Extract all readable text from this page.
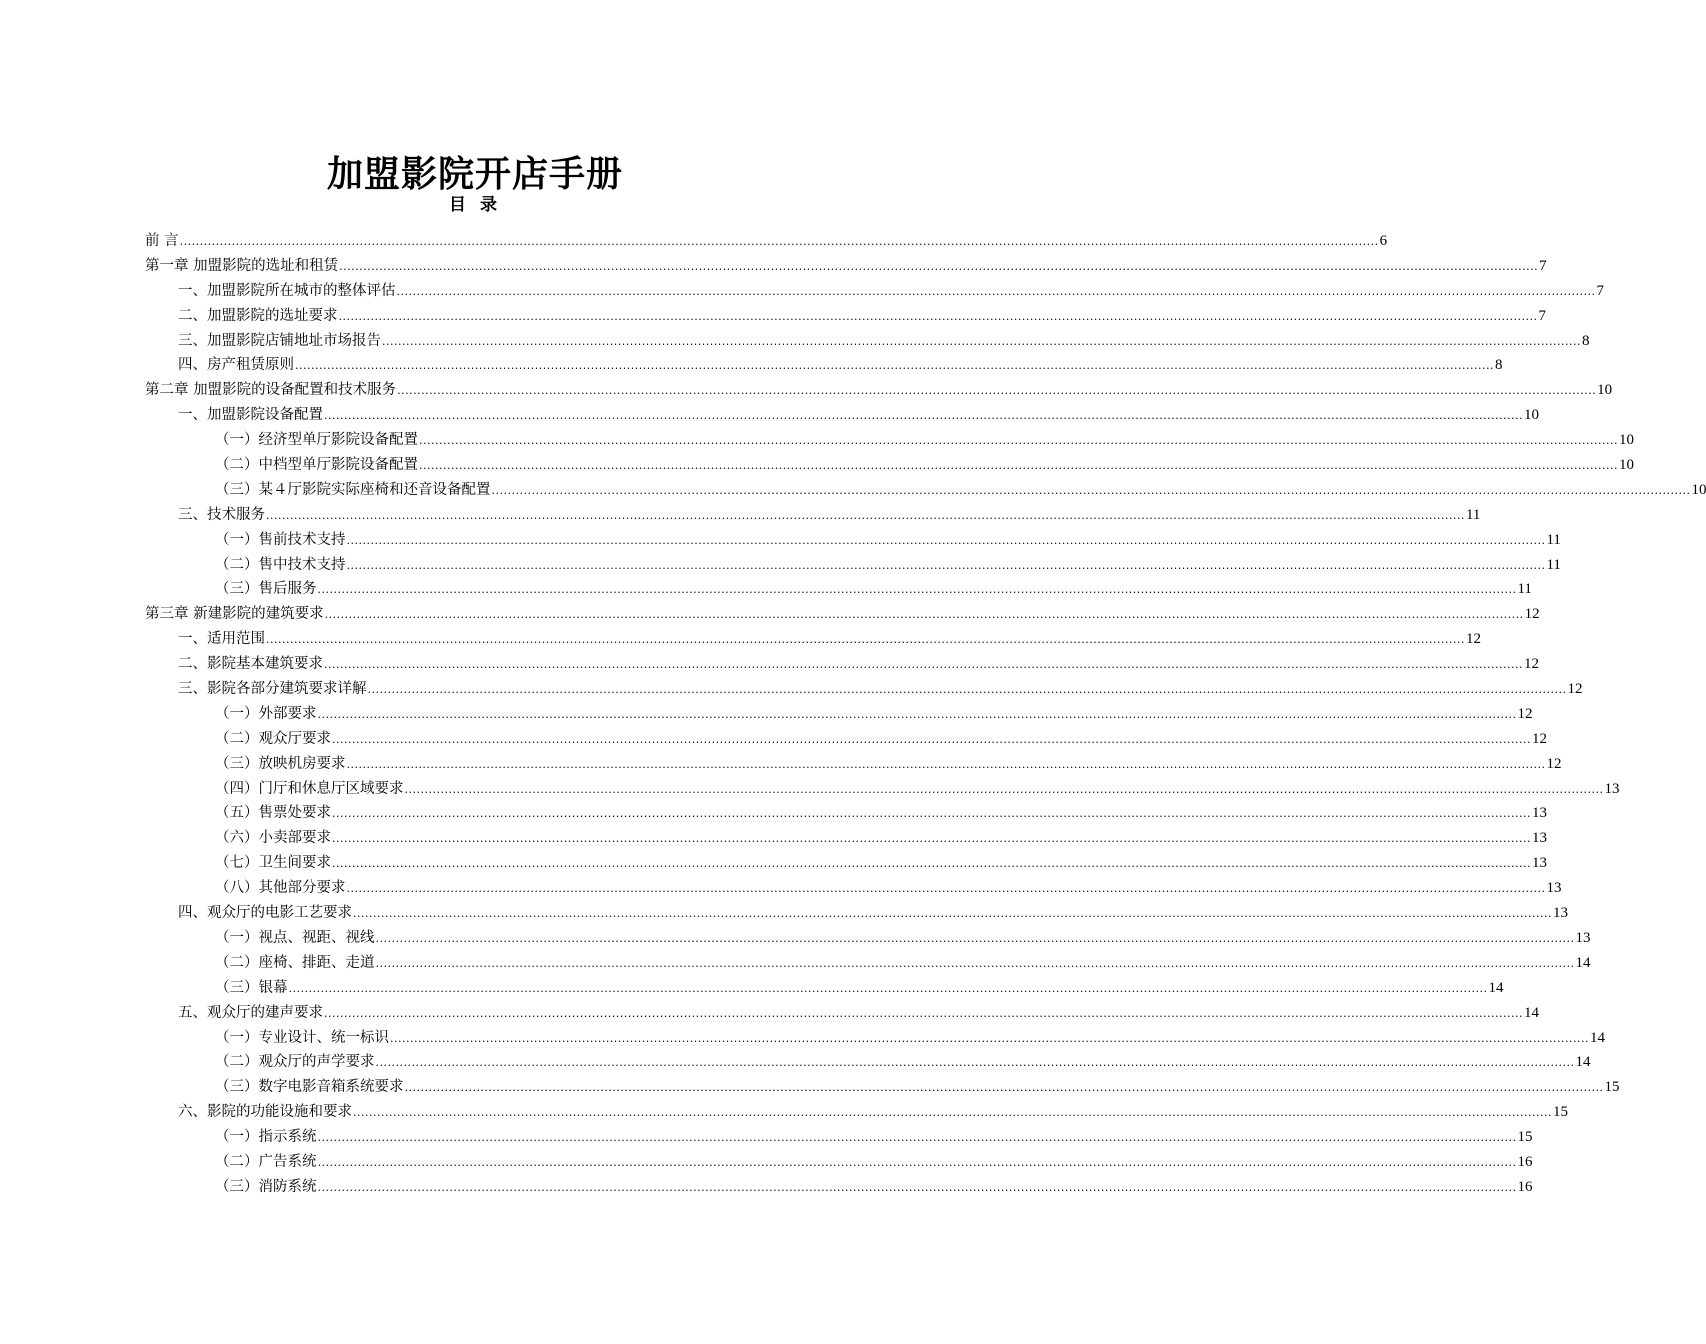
加盟影院开店手册
目 录
前 言 ............................................................................................................................................................................................................................................................................................................ 6
第一章 加盟影院的选址和租赁 ............................................................................................................................................................................................................................................................................................................ 7
一、加盟影院所在城市的整体评估 ............................................................................................................................................................................................................................................................................................................ 7
二、加盟影院的选址要求 ............................................................................................................................................................................................................................................................................................................ 7
三、加盟影院店铺地址市场报告 ............................................................................................................................................................................................................................................................................................................ 8
四、房产租赁原则 ............................................................................................................................................................................................................................................................................................................ 8
第二章 加盟影院的设备配置和技术服务 ............................................................................................................................................................................................................................................................................................................ 10
一、加盟影院设备配置 ............................................................................................................................................................................................................................................................................................................ 10
（一）经济型单厅影院设备配置 ............................................................................................................................................................................................................................................................................................................ 10
（二）中档型单厅影院设备配置 ............................................................................................................................................................................................................................................................................................................ 10
（三）某４厅影院实际座椅和还音设备配置 ............................................................................................................................................................................................................................................................................................................ 10
三、技术服务 ............................................................................................................................................................................................................................................................................................................ 11
（一）售前技术支持 ............................................................................................................................................................................................................................................................................................................ 11
（二）售中技术支持 ............................................................................................................................................................................................................................................................................................................ 11
（三）售后服务 ............................................................................................................................................................................................................................................................................................................ 11
第三章 新建影院的建筑要求 ............................................................................................................................................................................................................................................................................................................ 12
一、适用范围 ............................................................................................................................................................................................................................................................................................................ 12
二、影院基本建筑要求 ............................................................................................................................................................................................................................................................................................................ 12
三、影院各部分建筑要求详解 ............................................................................................................................................................................................................................................................................................................ 12
（一）外部要求 ............................................................................................................................................................................................................................................................................................................ 12
（二）观众厅要求 ............................................................................................................................................................................................................................................................................................................ 12
（三）放映机房要求 ............................................................................................................................................................................................................................................................................................................ 12
（四）门厅和休息厅区域要求 ............................................................................................................................................................................................................................................................................................................ 13
（五）售票处要求 ............................................................................................................................................................................................................................................................................................................ 13
（六）小卖部要求 ............................................................................................................................................................................................................................................................................................................ 13
（七）卫生间要求 ............................................................................................................................................................................................................................................................................................................ 13
（八）其他部分要求 ............................................................................................................................................................................................................................................................................................................ 13
四、观众厅的电影工艺要求 ............................................................................................................................................................................................................................................................................................................ 13
（一）视点、视距、视线 ............................................................................................................................................................................................................................................................................................................ 13
（二）座椅、排距、走道 ............................................................................................................................................................................................................................................................................................................ 14
（三）银幕 ............................................................................................................................................................................................................................................................................................................ 14
五、观众厅的建声要求 ............................................................................................................................................................................................................................................................................................................ 14
（一）专业设计、统一标识 ............................................................................................................................................................................................................................................................................................................ 14
（二）观众厅的声学要求 ............................................................................................................................................................................................................................................................................................................ 14
（三）数字电影音箱系统要求 ............................................................................................................................................................................................................................................................................................................ 15
六、影院的功能设施和要求 ............................................................................................................................................................................................................................................................................................................ 15
（一）指示系统 ............................................................................................................................................................................................................................................................................................................ 15
（二）广告系统 ............................................................................................................................................................................................................................................................................................................ 16
（三）消防系统 ............................................................................................................................................................................................................................................................................................................ 16
